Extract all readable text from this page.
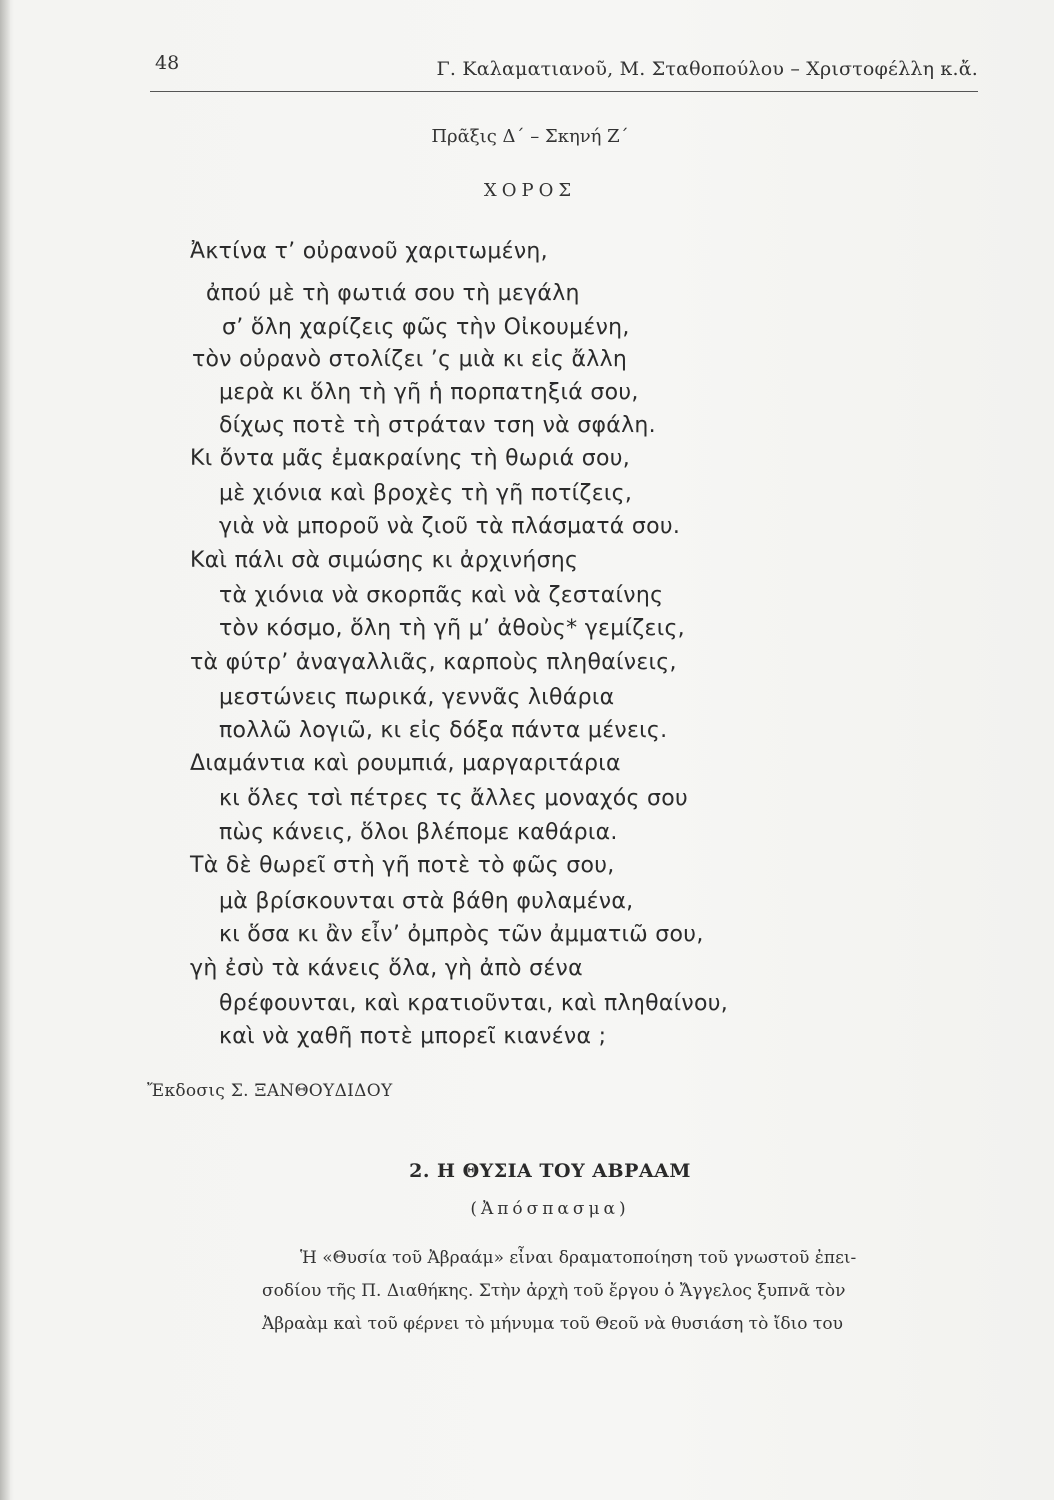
48	Γ. Καλαματιανοῦ, Μ. Σταθοπούλου – Χριστοφέλλη κ.ἄ.
Πρᾶξις Δ΄ – Σκηνή Ζ΄
ΧΟΡΟΣ
Ἀκτίνα τ’ οὐρανοῦ χαριτωμένη,
ἀπού μὲ τὴ φωτιά σου τὴ μεγάλη
σ’ ὅλη χαρίζεις φῶς τὴν Οἰκουμένη,
τὸν οὐρανὸ στολίζει ’ς μιὰ κι εἰς ἄλλη
μερὰ κι ὅλη τὴ γῆ ἡ πορπατηξιά σου,
δίχως ποτὲ τὴ στράταν τση νὰ σφάλη.
Κι ὄντα μᾶς ἐμακραίνης τὴ θωριά σου,
μὲ χιόνια καὶ βροχὲς τὴ γῆ ποτίζεις,
γιὰ νὰ μποροῦ νὰ ζιοῦ τὰ πλάσματά σου.
Καὶ πάλι σὰ σιμώσης κι ἀρχινήσης
τὰ χιόνια νὰ σκορπᾶς καὶ νὰ ζεσταίνης
τὸν κόσμο, ὅλη τὴ γῆ μ’ ἀθοὺς* γεμίζεις,
τὰ φύτρ’ ἀναγαλλιᾶς, καρποὺς πληθαίνεις,
μεστώνεις πωρικά, γεννᾶς λιθάρια
πολλῶ λογιῶ, κι εἰς δόξα πάντα μένεις.
Διαμάντια καὶ ρουμπιά, μαργαριτάρια
κι ὅλες τσὶ πέτρες τς ἄλλες μοναχός σου
πὼς κάνεις, ὅλοι βλέπομε καθάρια.
Τὰ δὲ θωρεῖ στὴ γῆ ποτὲ τὸ φῶς σου,
μὰ βρίσκουνται στὰ βάθη φυλαμένα,
κι ὅσα κι ἂν εἶν’ ὀμπρὸς τῶν ἀμματιῶ σου,
γὴ ἐσὺ τὰ κάνεις ὅλα, γὴ ἀπὸ σένα
θρέφουνται, καὶ κρατιοῦνται, καὶ πληθαίνου,
καὶ νὰ χαθῆ ποτὲ μπορεῖ κιανένα ;
Ἔκδοσις Σ. ΞΑΝΘΟΥΔΙΔΟΥ
2. Η ΘΥΣΙΑ ΤΟΥ ΑΒΡΑΑΜ
(Ἀπόσπασμα)
Ἡ «Θυσία τοῦ Ἀβραάμ» εἶναι δραματοποίηση τοῦ γνωστοῦ ἐπει-
σοδίου τῆς Π. Διαθήκης. Στὴν ἀρχὴ τοῦ ἔργου ὁ Ἄγγελος ξυπνᾶ τὸν
Ἀβραὰμ καὶ τοῦ φέρνει τὸ μήνυμα τοῦ Θεοῦ νὰ θυσιάση τὸ ἴδιο του
